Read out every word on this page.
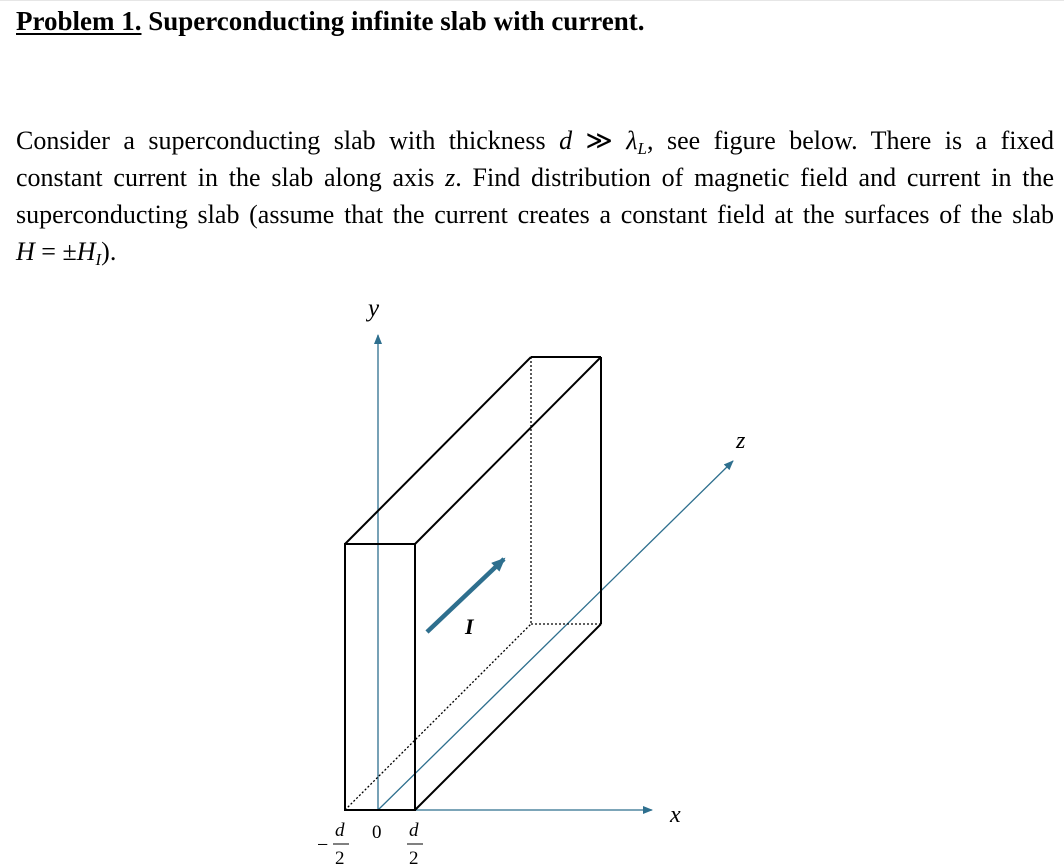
Problem 1. Superconducting infinite slab with current.
Consider a superconducting slab with thickness d ≫ $\lambda_L$, see figure below. There is a fixed
constant current in the slab along axis z. Find distribution of magnetic field and current in the
superconducting slab (assume that the current creates a constant field at the surfaces of the slab
$H = \pm H_I$).
y
z
x
I
−
d
2
0 d
2
